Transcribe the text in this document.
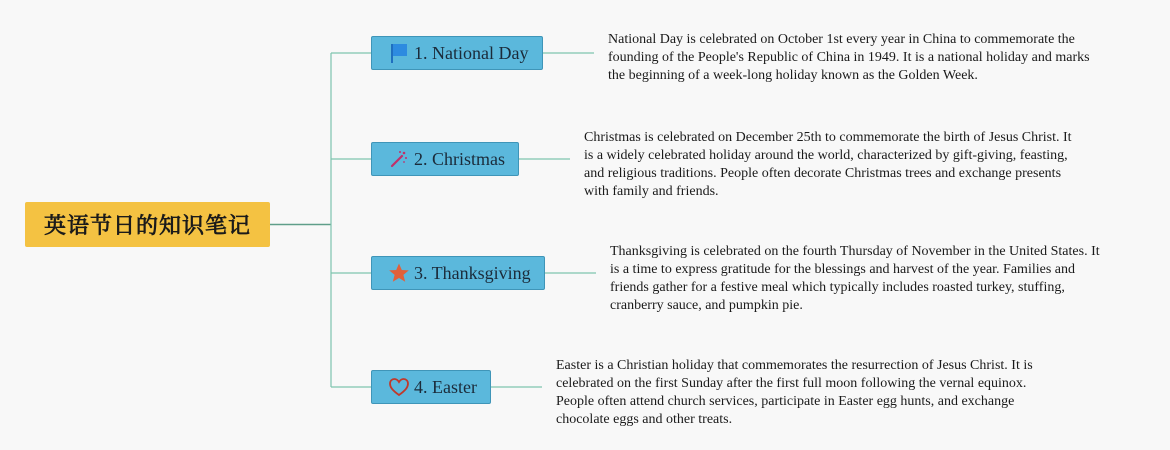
英语节日的知识笔记
1. National Day
2. Christmas
3. Thanksgiving
4. Easter
National Day is celebrated on October 1st every year in China to commemorate the founding of the People's Republic of China in 1949. It is a national holiday and marks the beginning of a week-long holiday known as the Golden Week.
Christmas is celebrated on December 25th to commemorate the birth of Jesus Christ. It is a widely celebrated holiday around the world, characterized by gift-giving, feasting, and religious traditions. People often decorate Christmas trees and exchange presents with family and friends.
Thanksgiving is celebrated on the fourth Thursday of November in the United States. It is a time to express gratitude for the blessings and harvest of the year. Families and friends gather for a festive meal which typically includes roasted turkey, stuffing, cranberry sauce, and pumpkin pie.
Easter is a Christian holiday that commemorates the resurrection of Jesus Christ. It is celebrated on the first Sunday after the first full moon following the vernal equinox. People often attend church services, participate in Easter egg hunts, and exchange chocolate eggs and other treats.
